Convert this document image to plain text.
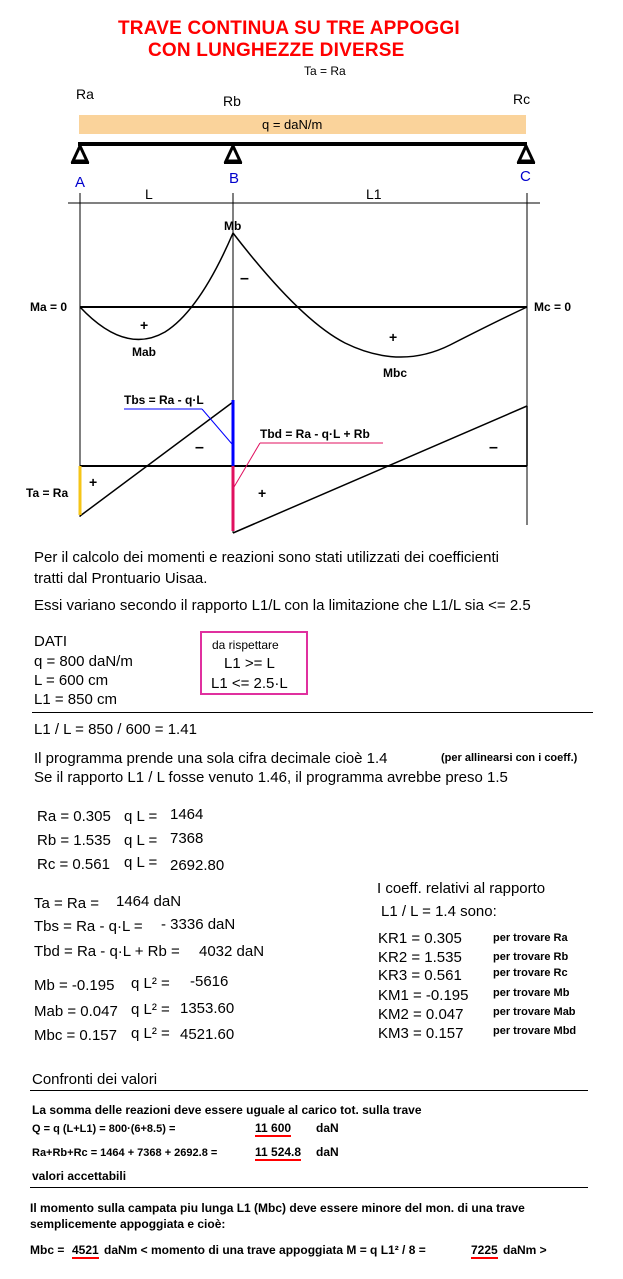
TRAVE CONTINUA SU TRE APPOGGI
CON LUNGHEZZE DIVERSE
Ta = Ra
Ra	Rb	Rc
q = daN/m
A	B	C
L	L1
Mb
–
Ma = 0	Mc = 0
+
Mab
+
Mbc
Tbs = Ra - q·L
Tbd = Ra - q·L + Rb
–	–
+
+
Ta = Ra
Per il calcolo dei momenti e reazioni sono stati utilizzati dei coefficienti
tratti dal Prontuario Uisaa.
Essi variano secondo il rapporto L1/L con la limitazione che L1/L sia <= 2.5
DATI
q = 800 daN/m
L = 600 cm
L1 = 850 cm
da rispettare
L1 >= L
L1 <= 2.5·L
L1 / L = 850 / 600 = 1.41
Il programma prende una sola cifra decimale cioè 1.4	(per allinearsi con i coeff.)
Se il rapporto L1 / L fosse venuto 1.46, il programma avrebbe preso 1.5
Ra = 0.305 q L = 1464
Rb = 1.535 q L = 7368
Rc = 0.561 q L = 2692.80
Ta = Ra = 1464 daN
Tbs = Ra - q·L = - 3336 daN
Tbd = Ra - q·L + Rb = 4032 daN
Mb = -0.195 q L² = -5616
Mab = 0.047 q L² = 1353.60
Mbc = 0.157 q L² = 4521.60
I coeff. relativi al rapporto
L1 / L = 1.4 sono:
KR1 = 0.305	per trovare Ra
KR2 = 1.535	per trovare Rb
KR3 = 0.561	per trovare Rc
KM1 = -0.195 per trovare Mb
KM2 = 0.047	per trovare Mab
KM3 = 0.157	per trovare Mbd
Confronti dei valori
La somma delle reazioni deve essere uguale al carico tot. sulla trave
Q = q (L+L1) = 800·(6+8.5) =	11 600 daN
Ra+Rb+Rc = 1464 + 7368 + 2692.8 =	11 524.8 daN
valori accettabili
Il momento sulla campata piu lunga L1 (Mbc) deve essere minore del mon. di una trave
semplicemente appoggiata e cioè:
Mbc = 4521 daNm < momento di una trave appoggiata M = q L1² / 8 =	7225 daNm >
